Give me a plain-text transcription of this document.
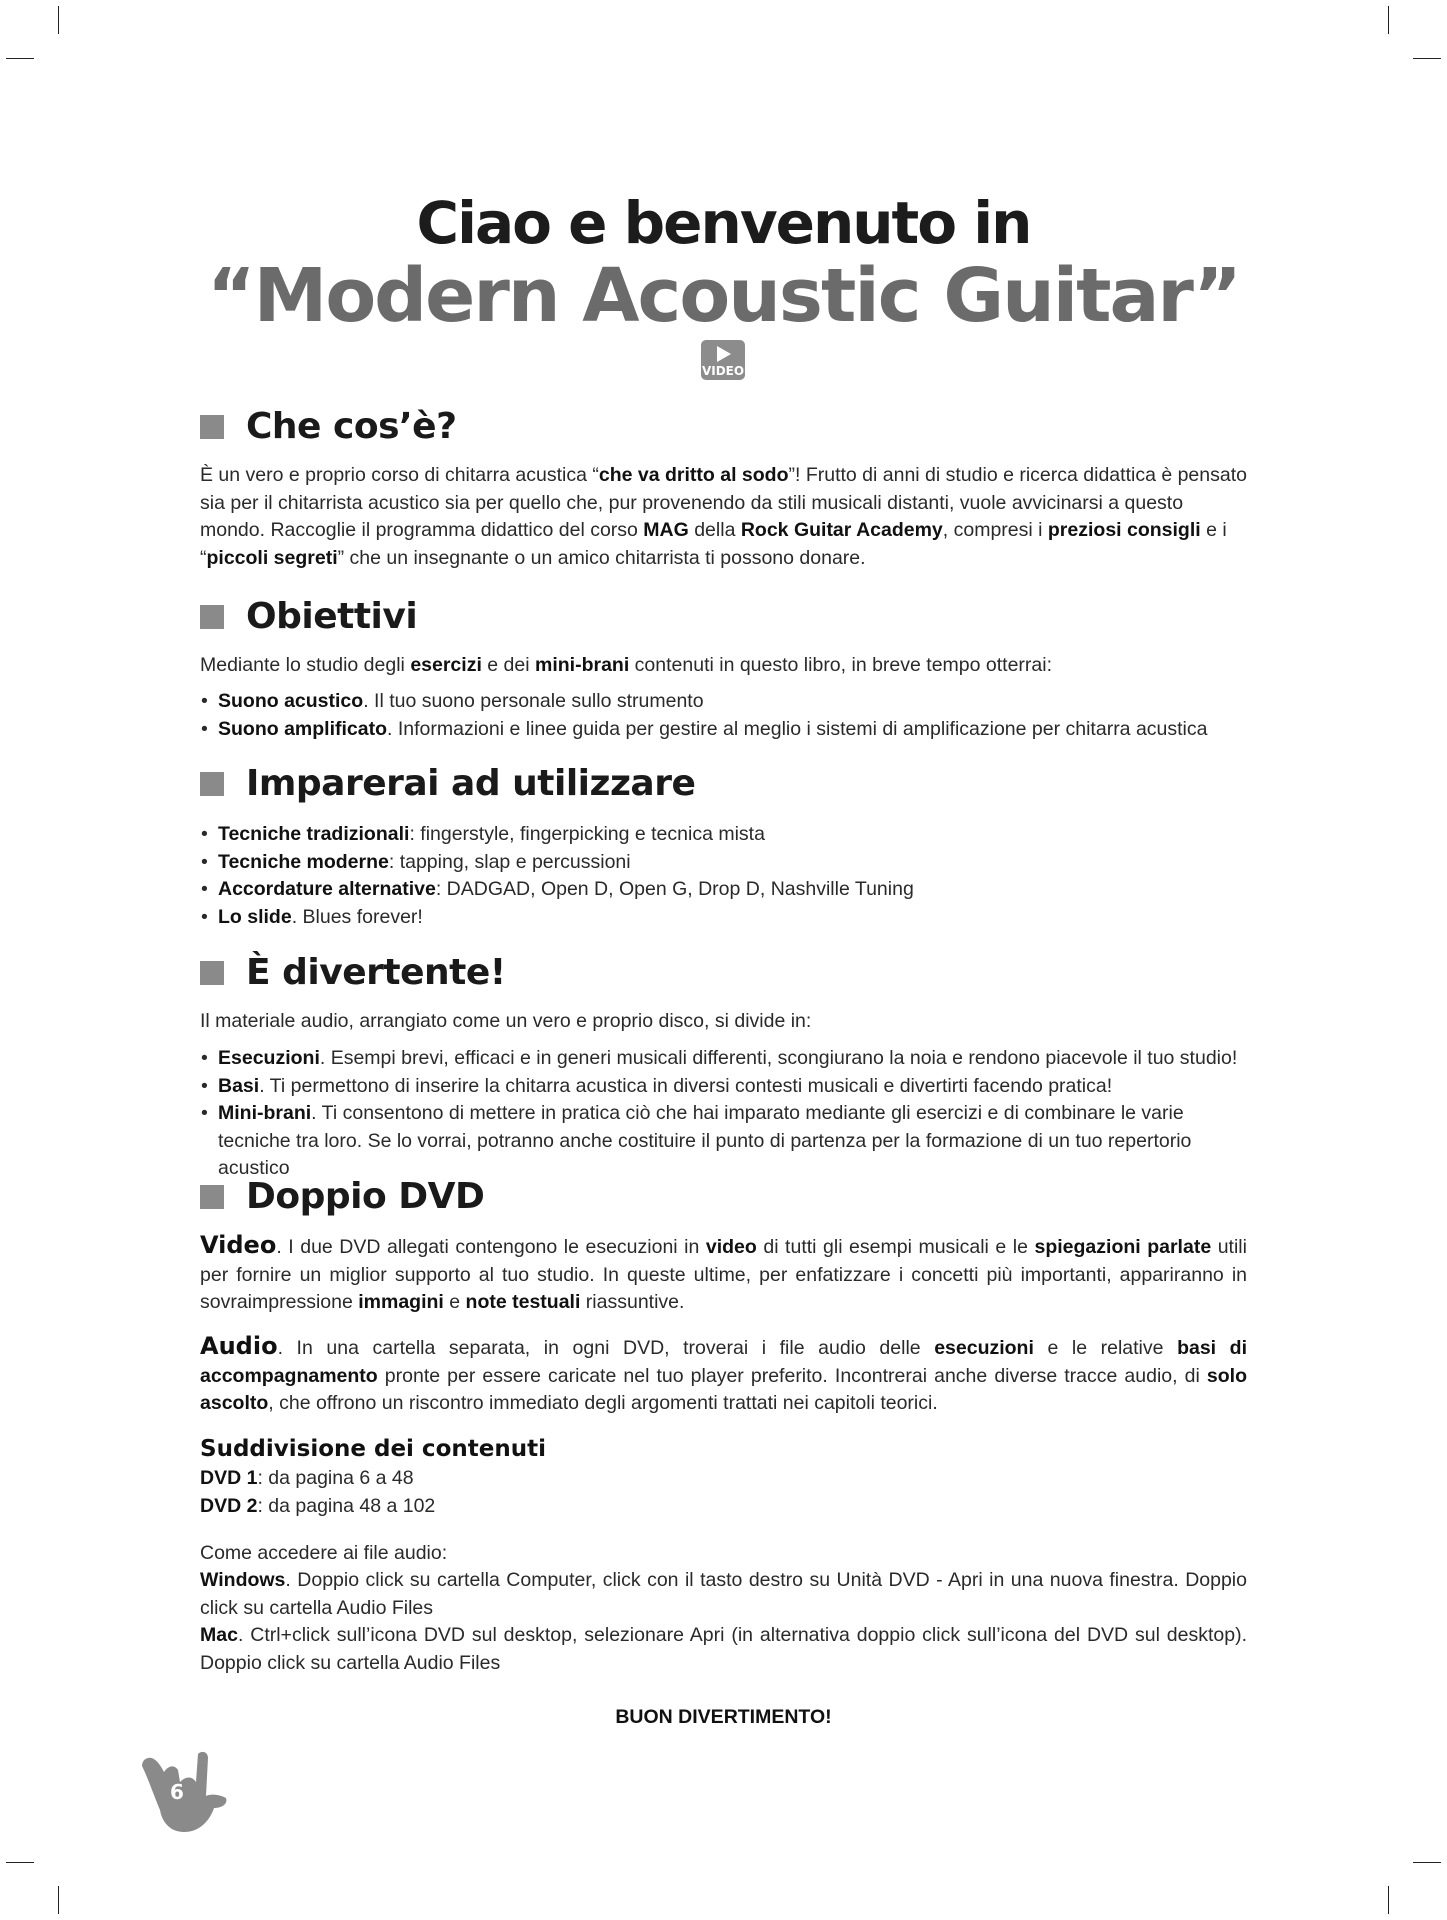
Ciao e benvenuto in
“Modern Acoustic Guitar”
VIDEO
Che cos’è?
È un vero e proprio corso di chitarra acustica “che va dritto al sodo”! Frutto di anni di studio e ricerca didattica è pensato sia per il chitarrista acustico sia per quello che, pur provenendo da stili musicali distanti, vuole avvicinarsi a questo mondo. Raccoglie il programma didattico del corso MAG della Rock Guitar Academy, compresi i preziosi consigli e i “piccoli segreti” che un insegnante o un amico chitarrista ti possono donare.
Obiettivi
Mediante lo studio degli esercizi e dei mini-brani contenuti in questo libro, in breve tempo otterrai:
• Suono acustico. Il tuo suono personale sullo strumento
• Suono amplificato. Informazioni e linee guida per gestire al meglio i sistemi di amplificazione per chitarra acustica
Imparerai ad utilizzare
• Tecniche tradizionali: fingerstyle, fingerpicking e tecnica mista
• Tecniche moderne: tapping, slap e percussioni
• Accordature alternative: DADGAD, Open D, Open G, Drop D, Nashville Tuning
• Lo slide. Blues forever!
È divertente!
Il materiale audio, arrangiato come un vero e proprio disco, si divide in:
• Esecuzioni. Esempi brevi, efficaci e in generi musicali differenti, scongiurano la noia e rendono piacevole il tuo studio!
• Basi. Ti permettono di inserire la chitarra acustica in diversi contesti musicali e divertirti facendo pratica!
• Mini-brani. Ti consentono di mettere in pratica ciò che hai imparato mediante gli esercizi e di combinare le varie tecniche tra loro. Se lo vorrai, potranno anche costituire il punto di partenza per la formazione di un tuo repertorio acustico
Doppio DVD
Video. I due DVD allegati contengono le esecuzioni in video di tutti gli esempi musicali e le spiegazioni parlate utili per fornire un miglior supporto al tuo studio. In queste ultime, per enfatizzare i concetti più importanti, appariranno in sovraimpressione immagini e note testuali riassuntive.
Audio. In una cartella separata, in ogni DVD, troverai i file audio delle esecuzioni e le relative basi di accompagnamento pronte per essere caricate nel tuo player preferito. Incontrerai anche diverse tracce audio, di solo ascolto, che offrono un riscontro immediato degli argomenti trattati nei capitoli teorici.
Suddivisione dei contenuti
DVD 1: da pagina 6 a 48
DVD 2: da pagina 48 a 102
Come accedere ai file audio:
Windows. Doppio click su cartella Computer, click con il tasto destro su Unità DVD - Apri in una nuova finestra. Doppio click su cartella Audio Files
Mac. Ctrl+click sull’icona DVD sul desktop, selezionare Apri (in alternativa doppio click sull’icona del DVD sul desktop). Doppio click su cartella Audio Files
BUON DIVERTIMENTO!
6
